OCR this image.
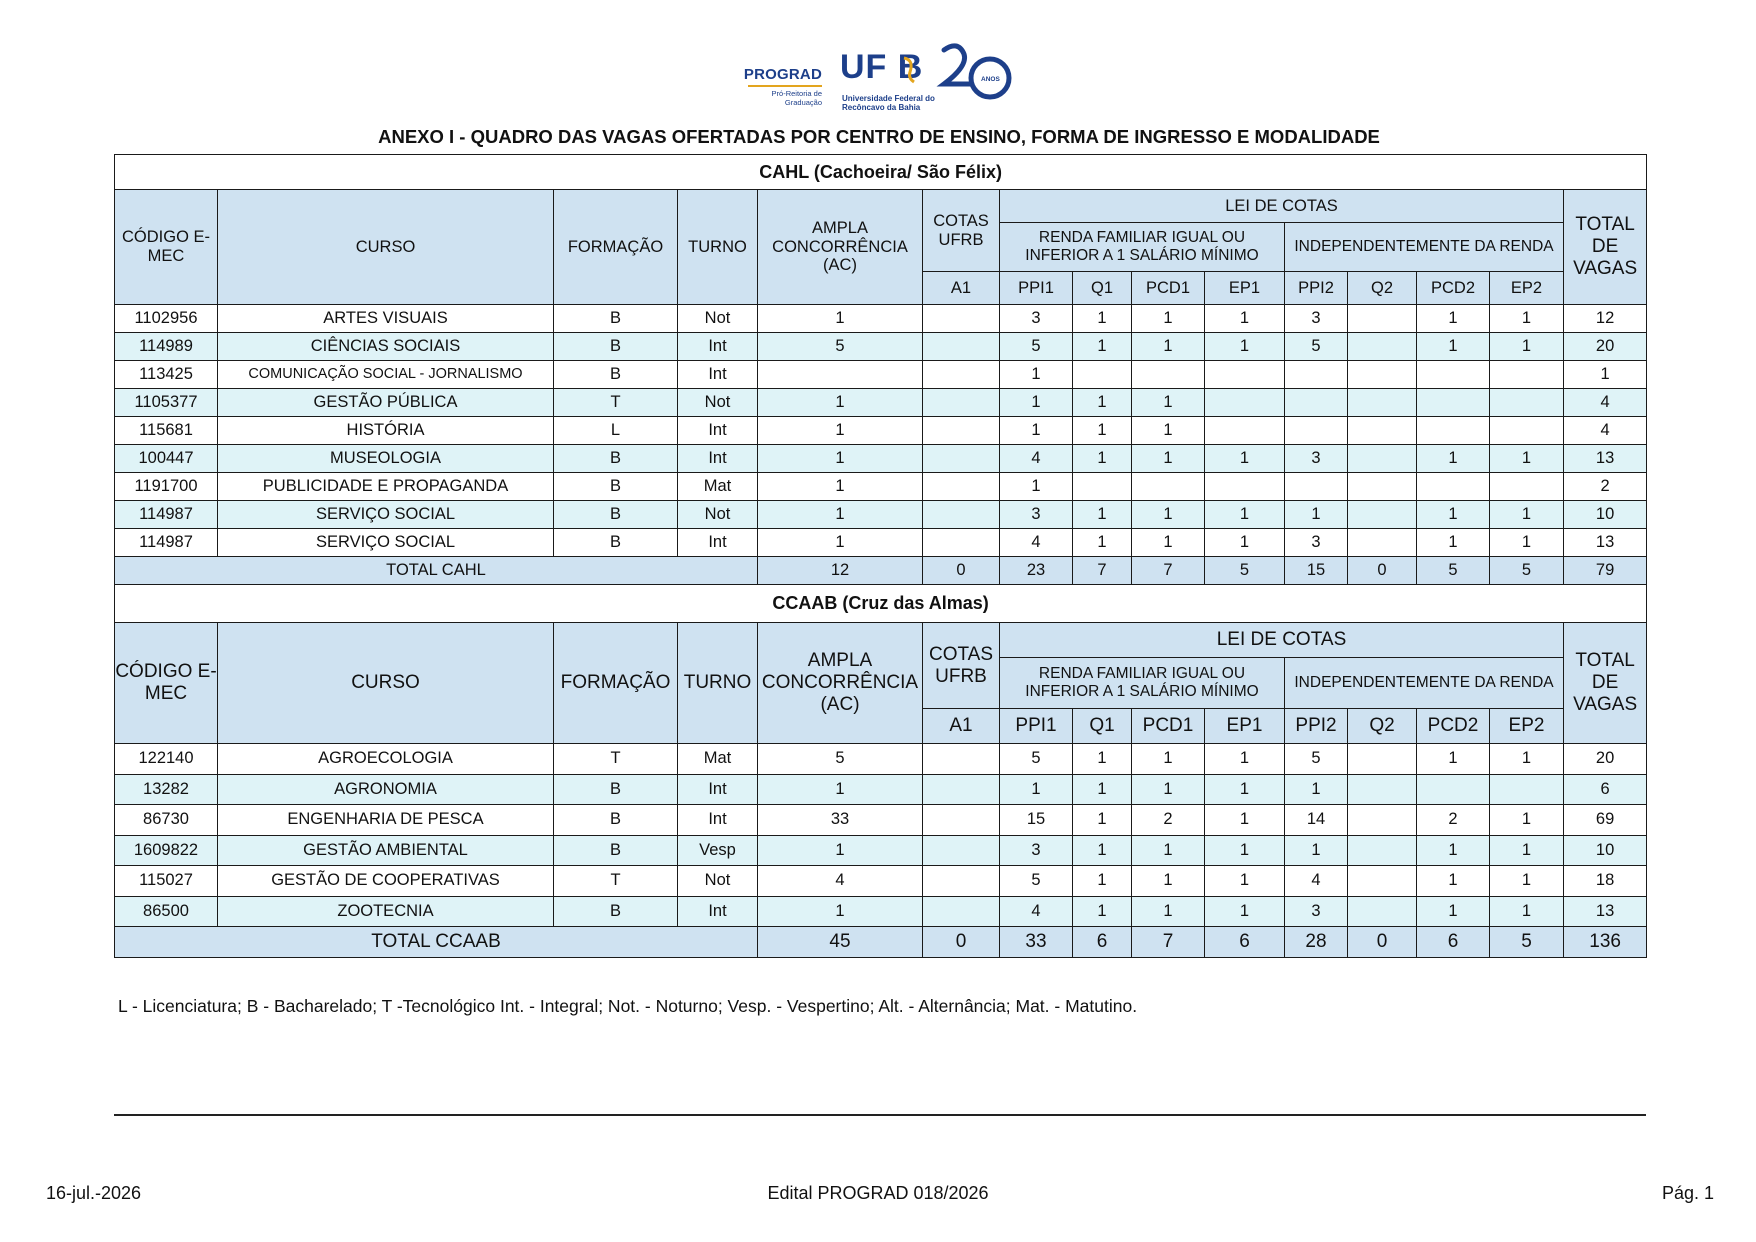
PROGRAD
Pró-Reitoria de
Graduação
UF B	ANOS
Universidade Federal do
Recôncavo da Bahia
ANEXO I - QUADRO DAS VAGAS OFERTADAS POR CENTRO DE ENSINO, FORMA DE INGRESSO E MODALIDADE
CAHL (Cachoeira/ São Félix)														
CÓDIGO E-MEC	CURSO	FORMAÇÃO	TURNO	AMPLA CONCORRÊNCIA (AC)	COTAS UFRB	LEI DE COTAS								TOTAL DE VAGAS
						RENDA FAMILIAR IGUAL OU INFERIOR A 1 SALÁRIO MÍNIMO				INDEPENDENTEMENTE DA RENDA				
					A1	PPI1	Q1	PCD1	EP1	PPI2	Q2	PCD2	EP2	
1102956	ARTES VISUAIS	B	Not	1		3	1	1	1	3		1	1	12
114989	CIÊNCIAS SOCIAIS	B	Int	5		5	1	1	1	5		1	1	20
113425	COMUNICAÇÃO SOCIAL - JORNALISMO	B	Int			1								1
1105377	GESTÃO PÚBLICA	T	Not	1		1	1	1						4
115681	HISTÓRIA	L	Int	1		1	1	1						4
100447	MUSEOLOGIA	B	Int	1		4	1	1	1	3		1	1	13
1191700	PUBLICIDADE E PROPAGANDA	B	Mat	1		1								2
114987	SERVIÇO SOCIAL	B	Not	1		3	1	1	1	1		1	1	10
114987	SERVIÇO SOCIAL	B	Int	1		4	1	1	1	3		1	1	13
TOTAL CAHL				12	0	23	7	7	5	15	0	5	5	79
CCAAB (Cruz das Almas)														
CÓDIGO E-MEC	CURSO	FORMAÇÃO	TURNO	AMPLA CONCORRÊNCIA (AC)	COTAS UFRB	LEI DE COTAS								TOTAL DE VAGAS
						RENDA FAMILIAR IGUAL OU INFERIOR A 1 SALÁRIO MÍNIMO				INDEPENDENTEMENTE DA RENDA				
					A1	PPI1	Q1	PCD1	EP1	PPI2	Q2	PCD2	EP2	
122140	AGROECOLOGIA	T	Mat	5		5	1	1	1	5		1	1	20
13282	AGRONOMIA	B	Int	1		1	1	1	1	1				6
86730	ENGENHARIA DE PESCA	B	Int	33		15	1	2	1	14		2	1	69
1609822	GESTÃO AMBIENTAL	B	Vesp	1		3	1	1	1	1		1	1	10
115027	GESTÃO DE COOPERATIVAS	T	Not	4		5	1	1	1	4		1	1	18
86500	ZOOTECNIA	B	Int	1		4	1	1	1	3		1	1	13
TOTAL CCAAB				45	0	33	6	7	6	28	0	6	5	136
L - Licenciatura; B - Bacharelado; T -Tecnológico Int. - Integral; Not. - Noturno; Vesp. - Vespertino; Alt. - Alternância; Mat. - Matutino.
16-jul.-2026	Edital PROGRAD 018/2026	Pág. 1
